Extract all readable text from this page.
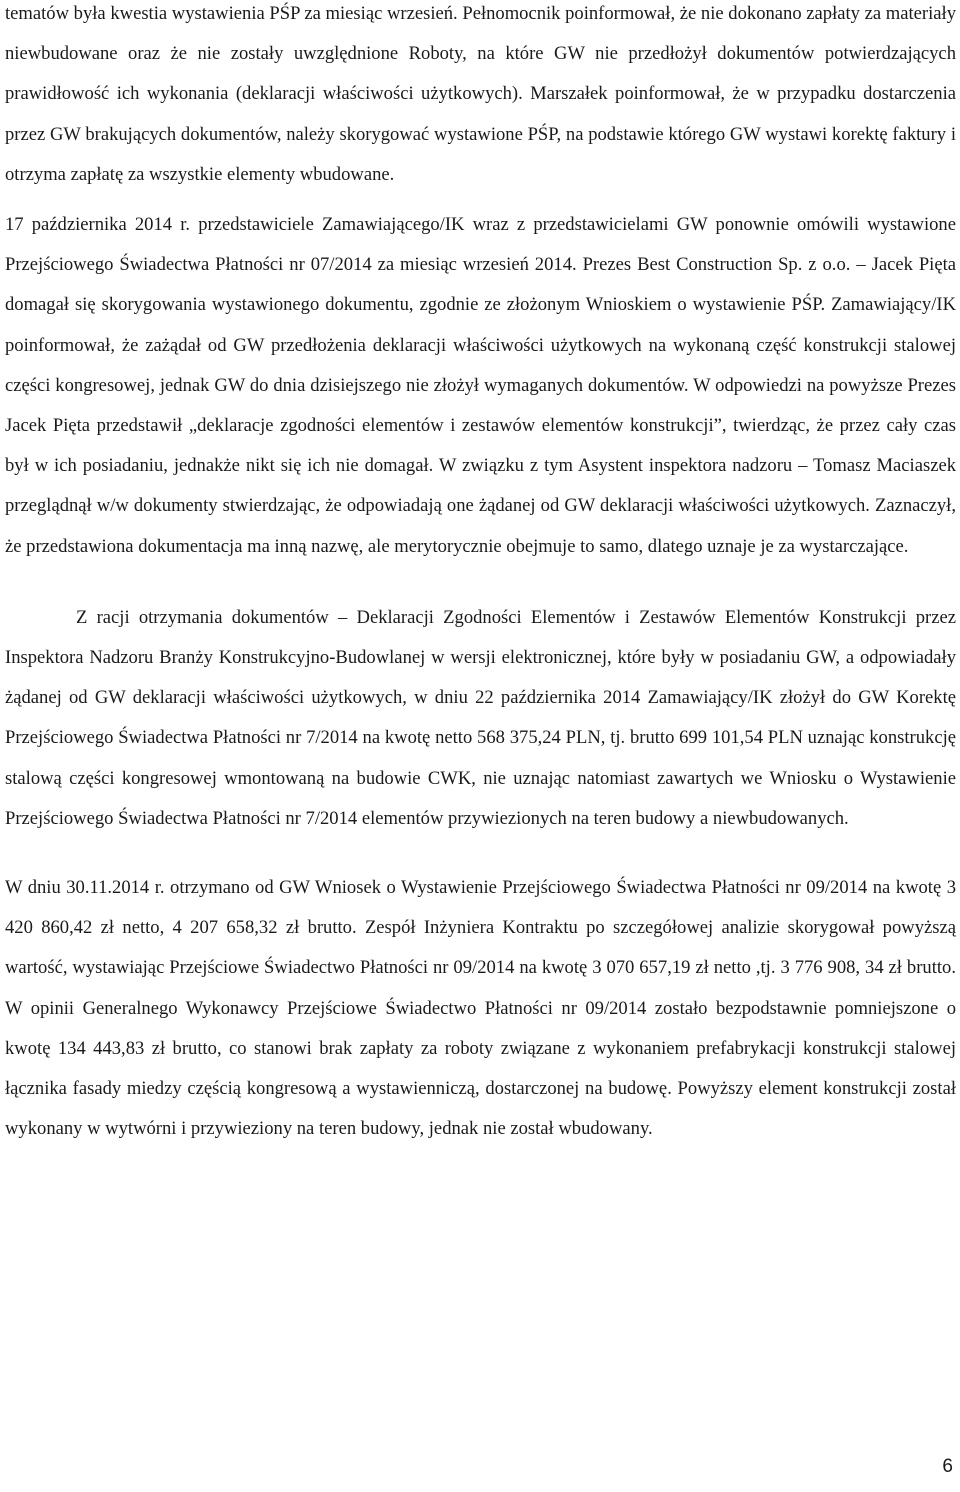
tematów była kwestia wystawienia PŚP za miesiąc wrzesień. Pełnomocnik poinformował, że nie dokonano zapłaty za materiały niewbudowane oraz że nie zostały uwzględnione Roboty, na które GW nie przedłożył dokumentów potwierdzających prawidłowość ich wykonania (deklaracji właściwości użytkowych). Marszałek poinformował, że w przypadku dostarczenia przez GW brakujących dokumentów, należy skorygować wystawione PŚP, na podstawie którego GW wystawi korektę faktury i otrzyma zapłatę za wszystkie elementy wbudowane.

17 października 2014 r. przedstawiciele Zamawiającego/IK wraz z przedstawicielami GW ponownie omówili wystawione Przejściowego Świadectwa Płatności nr 07/2014 za miesiąc wrzesień 2014. Prezes Best Construction Sp. z o.o. – Jacek Pięta domagał się skorygowania wystawionego dokumentu, zgodnie ze złożonym Wnioskiem o wystawienie PŚP. Zamawiający/IK poinformował, że zażądał od GW przedłożenia deklaracji właściwości użytkowych na wykonaną część konstrukcji stalowej części kongresowej, jednak GW do dnia dzisiejszego nie złożył wymaganych dokumentów. W odpowiedzi na powyższe Prezes Jacek Pięta przedstawił „deklaracje zgodności elementów i zestawów elementów konstrukcji”, twierdząc, że przez cały czas był w ich posiadaniu, jednakże nikt się ich nie domagał. W związku z tym Asystent inspektora nadzoru – Tomasz Maciaszek przeglądnął w/w dokumenty stwierdzając, że odpowiadają one żądanej od GW deklaracji właściwości użytkowych. Zaznaczył, że przedstawiona dokumentacja ma inną nazwę, ale merytorycznie obejmuje to samo, dlatego uznaje je za wystarczające.

Z racji otrzymania dokumentów – Deklaracji Zgodności Elementów i Zestawów Elementów Konstrukcji przez Inspektora Nadzoru Branży Konstrukcyjno-Budowlanej w wersji elektronicznej, które były w posiadaniu GW, a odpowiadały żądanej od GW deklaracji właściwości użytkowych, w dniu 22 października 2014 Zamawiający/IK złożył do GW Korektę Przejściowego Świadectwa Płatności nr 7/2014 na kwotę netto 568 375,24 PLN, tj. brutto 699 101,54 PLN uznając konstrukcję stalową części kongresowej wmontowaną na budowie CWK, nie uznając natomiast zawartych we Wniosku o Wystawienie Przejściowego Świadectwa Płatności nr 7/2014 elementów przywiezionych na teren budowy a niewbudowanych.

W dniu 30.11.2014 r. otrzymano od GW Wniosek o Wystawienie Przejściowego Świadectwa Płatności nr 09/2014 na kwotę 3 420 860,42 zł netto, 4 207 658,32 zł brutto. Zespół Inżyniera Kontraktu po szczegółowej analizie skorygował powyższą wartość, wystawiając Przejściowe Świadectwo Płatności nr 09/2014 na kwotę 3 070 657,19 zł netto ,tj. 3 776 908, 34 zł brutto. W opinii Generalnego Wykonawcy Przejściowe Świadectwo Płatności nr 09/2014 zostało bezpodstawnie pomniejszone o kwotę 134 443,83 zł brutto, co stanowi brak zapłaty za roboty związane z wykonaniem prefabrykacji konstrukcji stalowej łącznika fasady miedzy częścią kongresową a wystawienniczą, dostarczonej na budowę. Powyższy element konstrukcji został wykonany w wytwórni i przywieziony na teren budowy, jednak nie został wbudowany.

6
